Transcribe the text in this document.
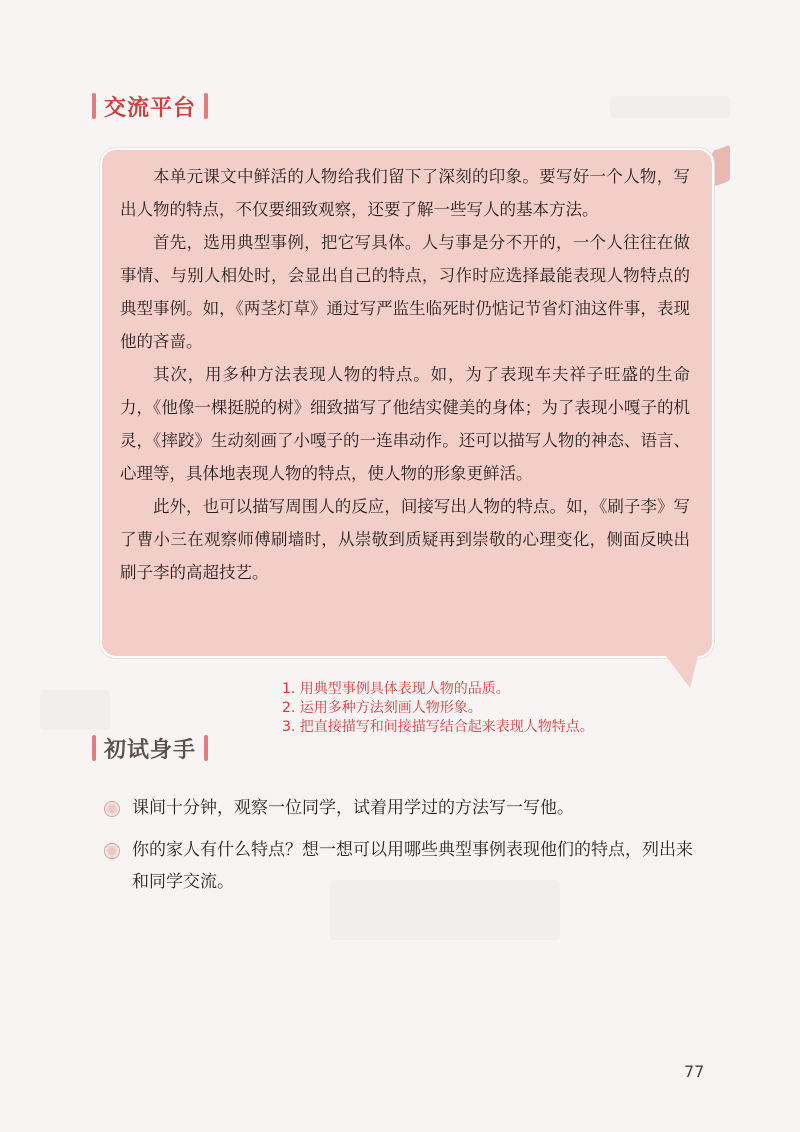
交流平台

本单元课文中鲜活的人物给我们留下了深刻的印象。要写好一个人物，写出人物的特点，不仅要细致观察，还要了解一些写人的基本方法。

首先，选用典型事例，把它写具体。人与事是分不开的，一个人往往在做事情、与别人相处时，会显出自己的特点，习作时应选择最能表现人物特点的典型事例。如，《两茎灯草》通过写严监生临死时仍惦记节省灯油这件事，表现他的吝啬。

其次，用多种方法表现人物的特点。如，为了表现车夫祥子旺盛的生命力，《他像一棵挺脱的树》细致描写了他结实健美的身体；为了表现小嘎子的机灵，《摔跤》生动刻画了小嘎子的一连串动作。还可以描写人物的神态、语言、心理等，具体地表现人物的特点，使人物的形象更鲜活。

此外，也可以描写周围人的反应，间接写出人物的特点。如，《刷子李》写了曹小三在观察师傅刷墙时，从崇敬到质疑再到崇敬的心理变化，侧面反映出刷子李的高超技艺。

1. 用典型事例具体表现人物的品质。
2. 运用多种方法刻画人物形象。
3. 把直接描写和间接描写结合起来表现人物特点。
初试身手
课间十分钟，观察一位同学，试着用学过的方法写一写他。
你的家人有什么特点？想一想可以用哪些典型事例表现他们的特点，列出来和同学交流。
77
